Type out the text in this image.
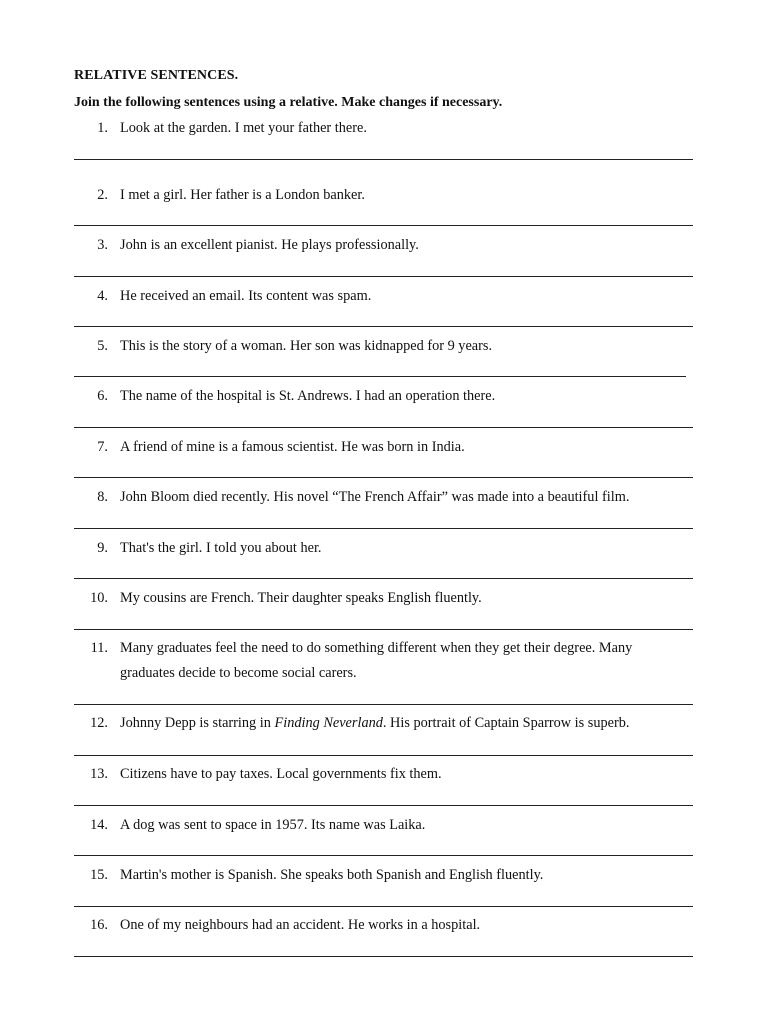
RELATIVE SENTENCES.
Join the following sentences using a relative. Make changes if necessary.
1. Look at the garden. I met your father there.
2. I met a girl. Her father is a London banker.
3. John is an excellent pianist. He plays professionally.
4. He received an email. Its content was spam.
5. This is the story of a woman. Her son was kidnapped for 9 years.
6. The name of the hospital is St. Andrews. I had an operation there.
7. A friend of mine is a famous scientist. He was born in India.
8. John Bloom died recently. His novel “The French Affair” was made into a beautiful film.
9. That's the girl. I told you about her.
10. My cousins are French. Their daughter speaks English fluently.
11. Many graduates feel the need to do something different when they get their degree. Many graduates decide to become social carers.
12. Johnny Depp is starring in Finding Neverland. His portrait of Captain Sparrow is superb.
13. Citizens have to pay taxes. Local governments fix them.
14. A dog was sent to space in 1957. Its name was Laika.
15. Martin's mother is Spanish. She speaks both Spanish and English fluently.
16. One of my neighbours had an accident. He works in a hospital.
